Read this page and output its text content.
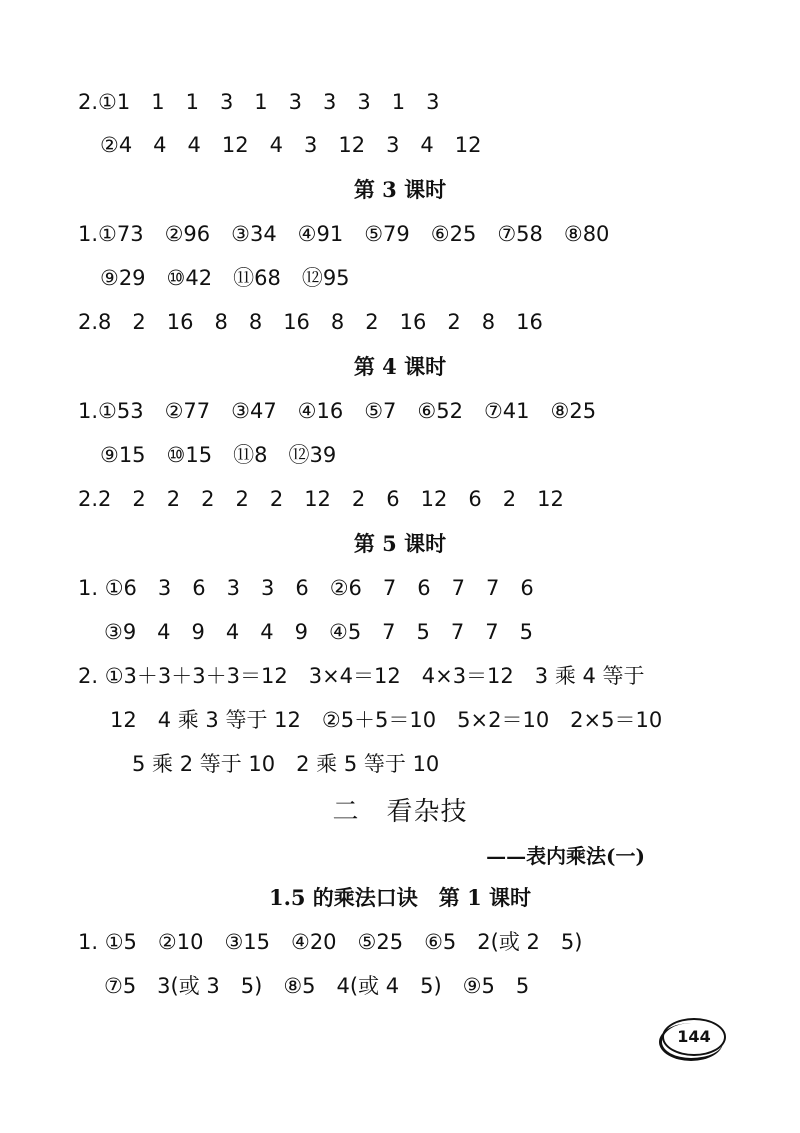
2.①1　1　1　3　1　3　3　3　1　3
②4　4　4　12　4　3　12　3　4　12
第 3 课时
1.①73　②96　③34　④91　⑤79　⑥25　⑦58　⑧80
⑨29　⑩42　⑪68　⑫95
2.8　2　16　8　8　16　8　2　16　2　8　16
第 4 课时
1.①53　②77　③47　④16　⑤7　⑥52　⑦41　⑧25
⑨15　⑩15　⑪8　⑫39
2.2　2　2　2　2　2　12　2　6　12　6　2　12
第 5 课时
1. ①6　3　6　3　3　6　②6　7　6　7　7　6
③9　4　9　4　4　9　④5　7　5　7　7　5
2. ①3＋3＋3＋3＝12　3×4＝12　4×3＝12　3 乘 4 等于
12　4 乘 3 等于 12　②5＋5＝10　5×2＝10　2×5＝10
5 乘 2 等于 10　2 乘 5 等于 10
二　看杂技
——表内乘法(一)
1.5 的乘法口诀　第 1 课时
1. ①5　②10　③15　④20　⑤25　⑥5　2(或 2　5)
⑦5　3(或 3　5)　⑧5　4(或 4　5)　⑨5　5
144
